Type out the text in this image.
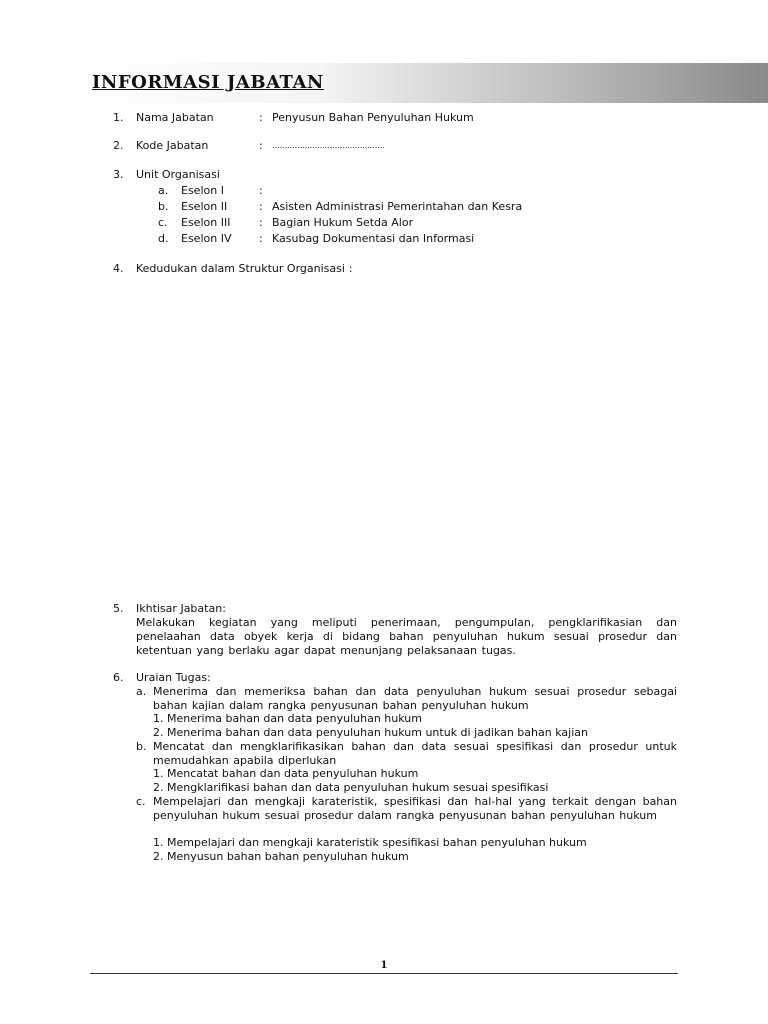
INFORMASI JABATAN
1. Nama Jabatan	: Penyusun Bahan Penyuluhan Hukum
2. Kode Jabatan	: ………………………………………
3. Unit Organisasi
a. Eselon I	:
b. Eselon II	: Asisten Administrasi Pemerintahan dan Kesra
c. Eselon III	: Bagian Hukum Setda Alor
d. Eselon IV	: Kasubag Dokumentasi dan Informasi
4. Kedudukan dalam Struktur Organisasi :
5. Ikhtisar Jabatan:

Melakukan kegiatan yang meliputi penerimaan, pengumpulan, pengklarifikasian dan penelaahan data obyek kerja di bidang bahan penyuluhan hukum sesuai prosedur dan ketentuan yang berlaku agar dapat menunjang pelaksanaan tugas.

6. Uraian Tugas:
a. Menerima dan memeriksa bahan dan data penyuluhan hukum sesuai prosedur sebagai bahan kajian dalam rangka penyusunan bahan penyuluhan hukum

1. Menerima bahan dan data penyuluhan hukum
2. Menerima bahan dan data penyuluhan hukum untuk di jadikan bahan kajian
b. Mencatat dan mengklarifikasikan bahan dan data sesuai spesifikasi dan prosedur untuk memudahkan apabila diperlukan

1. Mencatat bahan dan data penyuluhan hukum
2. Mengklarifikasi bahan dan data penyuluhan hukum sesuai spesifikasi
c. Mempelajari dan mengkaji karateristik, spesifikasi dan hal-hal yang terkait dengan bahan penyuluhan hukum sesuai prosedur dalam rangka penyusunan bahan penyuluhan hukum

1. Mempelajari dan mengkaji karateristik spesifikasi bahan penyuluhan hukum
2. Menyusun bahan bahan penyuluhan hukum
1
